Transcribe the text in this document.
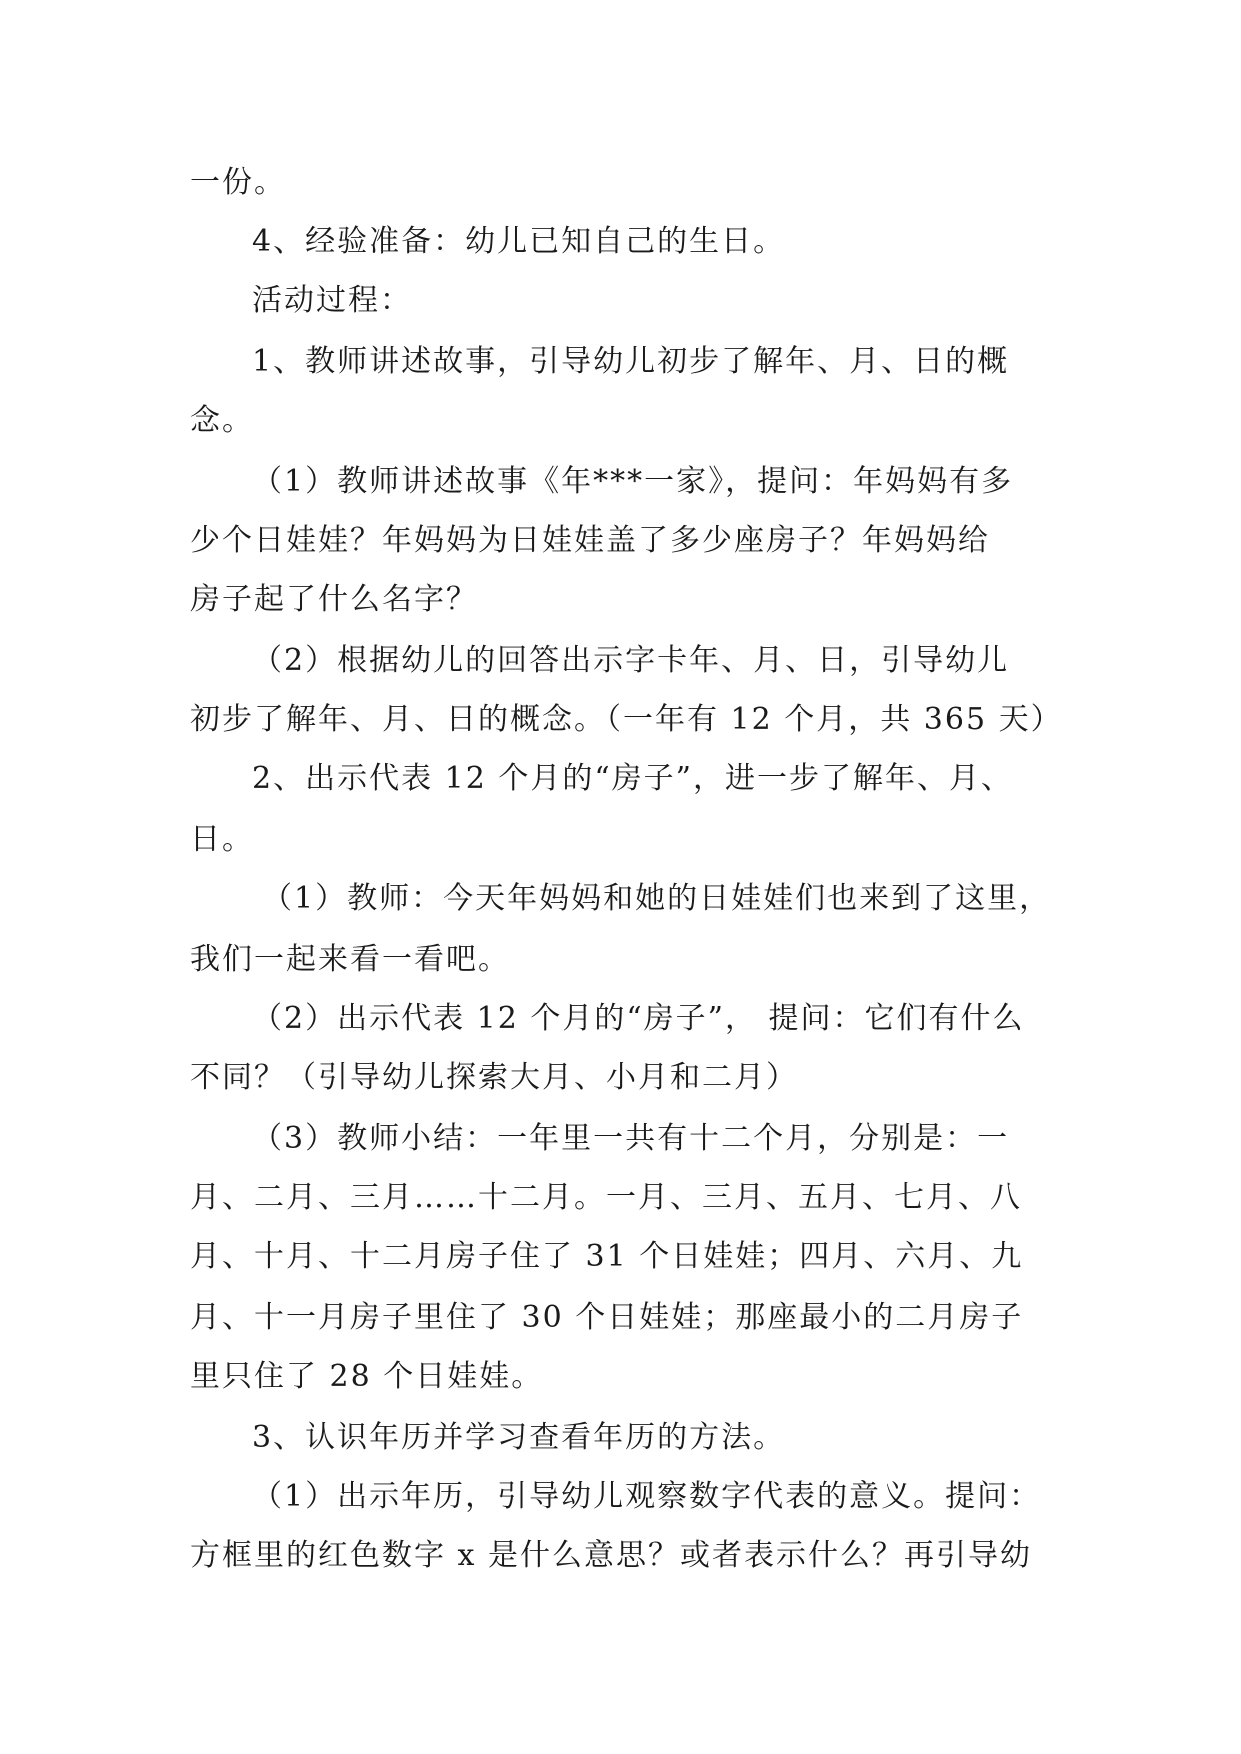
一份。
4、经验准备：幼儿已知自己的生日。
活动过程：
1、教师讲述故事，引导幼儿初步了解年、月、日的概
念。
（1）教师讲述故事《年***一家》，提问：年妈妈有多
少个日娃娃？年妈妈为日娃娃盖了多少座房子？年妈妈给
房子起了什么名字？
（2）根据幼儿的回答出示字卡年、月、日，引导幼儿
初步了解年、月、日的概念。（一年有 12 个月，共 365 天）
2、出示代表 12 个月的“房子”，进一步了解年、月、
日。
（1）教师：今天年妈妈和她的日娃娃们也来到了这里，
我们一起来看一看吧。
（2）出示代表 12 个月的“房子”， 提问：它们有什么
不同？（引导幼儿探索大月、小月和二月）
（3）教师小结：一年里一共有十二个月，分别是：一
月、二月、三月……十二月。一月、三月、五月、七月、八
月、十月、十二月房子住了 31 个日娃娃；四月、六月、九
月、十一月房子里住了 30 个日娃娃；那座最小的二月房子
里只住了 28 个日娃娃。
3、认识年历并学习查看年历的方法。
（1）出示年历，引导幼儿观察数字代表的意义。提问：
方框里的红色数字 x 是什么意思？或者表示什么？再引导幼
